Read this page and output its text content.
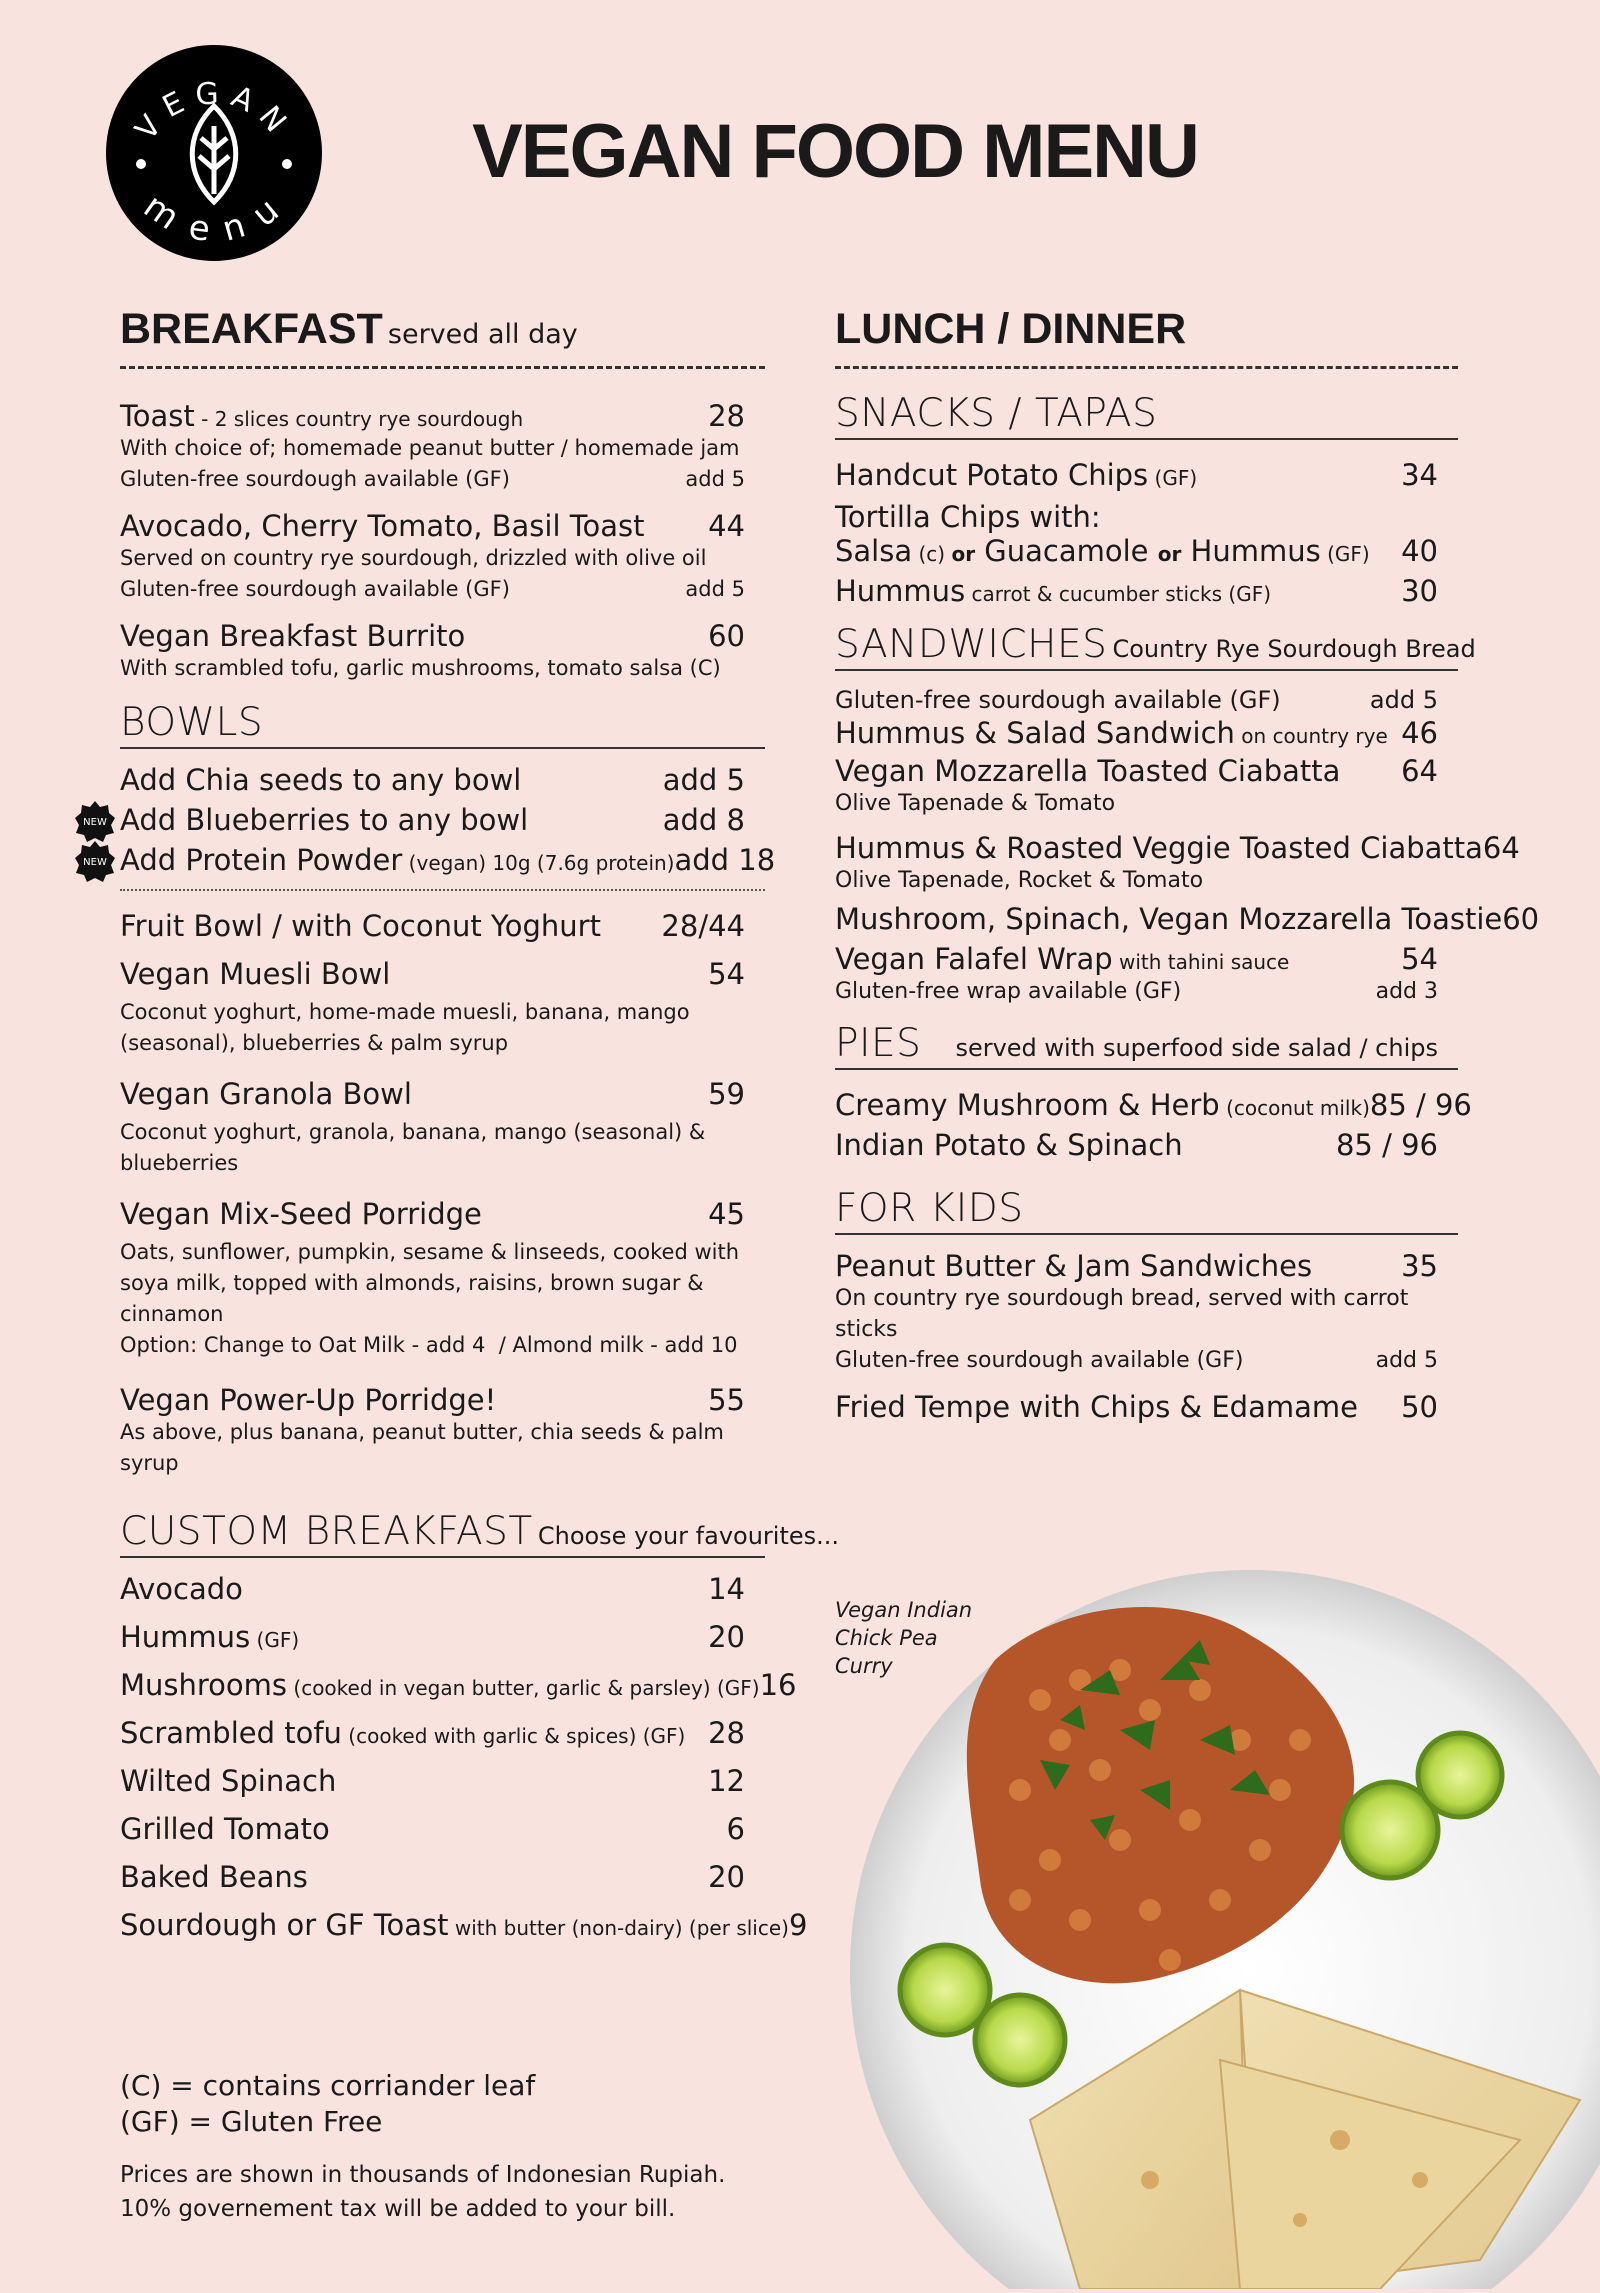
VEGAN
menu
VEGAN FOOD MENU
BREAKFAST served all day
Toast - 2 slices country rye sourdough	28
With choice of; homemade peanut butter / homemade jam
Gluten-free sourdough available (GF)	add 5
Avocado, Cherry Tomato, Basil Toast 44
Served on country rye sourdough, drizzled with olive oil
Gluten-free sourdough available (GF)	add 5
Vegan Breakfast Burrito	60
With scrambled tofu, garlic mushrooms, tomato salsa (C)
BOWLS
Add Chia seeds to any bowl	add 5
NEW Add Blueberries to any bowl	add 8
NEW Add Protein Powder (vegan) 10g (7.6g protein) add 18
Fruit Bowl / with Coconut Yoghurt 28/44
Vegan Muesli Bowl	54
Coconut yoghurt, home-made muesli, banana, mango (seasonal), blueberries & palm syrup
Vegan Granola Bowl	59
Coconut yoghurt, granola, banana, mango (seasonal) & blueberries
Vegan Mix-Seed Porridge	45
Oats, sunflower, pumpkin, sesame & linseeds, cooked with soya milk, topped with almonds, raisins, brown sugar & cinnamon
Option: Change to Oat Milk - add 4  / Almond milk - add 10
Vegan Power-Up Porridge!	55
As above, plus banana, peanut butter, chia seeds & palm syrup
CUSTOM BREAKFAST Choose your favourites...
Avocado	14
Hummus (GF)	20
Mushrooms (cooked in vegan butter, garlic & parsley) (GF) 16
Scrambled tofu (cooked with garlic & spices) (GF) 28
Wilted Spinach	12
Grilled Tomato	6
Baked Beans	20
Sourdough or GF Toast with butter (non-dairy) (per slice) 9
(C) = contains corriander leaf
(GF) = Gluten Free
Prices are shown in thousands of Indonesian Rupiah.
10% governement tax will be added to your bill.
LUNCH / DINNER
SNACKS / TAPAS
Handcut Potato Chips (GF)	34
Tortilla Chips with:
Salsa (c) or Guacamole or Hummus (GF) 40
Hummus carrot & cucumber sticks (GF)	30
SANDWICHES Country Rye Sourdough Bread
Gluten-free sourdough available (GF)	add 5
Hummus & Salad Sandwich on country rye 46
Vegan Mozzarella Toasted Ciabatta 64
Olive Tapenade & Tomato
Hummus & Roasted Veggie Toasted Ciabatta 64
Olive Tapenade, Rocket & Tomato
Mushroom, Spinach, Vegan Mozzarella Toastie 60
Vegan Falafel Wrap with tahini sauce	54
Gluten-free wrap available (GF)	add 3
PIES served with superfood side salad / chips
Creamy Mushroom & Herb (coconut milk) 85 / 96
Indian Potato & Spinach	85 / 96
FOR KIDS
Peanut Butter & Jam Sandwiches	35
On country rye sourdough bread, served with carrot sticks
Gluten-free sourdough available (GF)	add 5
Fried Tempe with Chips & Edamame 50
Vegan Indian
Chick Pea
Curry
